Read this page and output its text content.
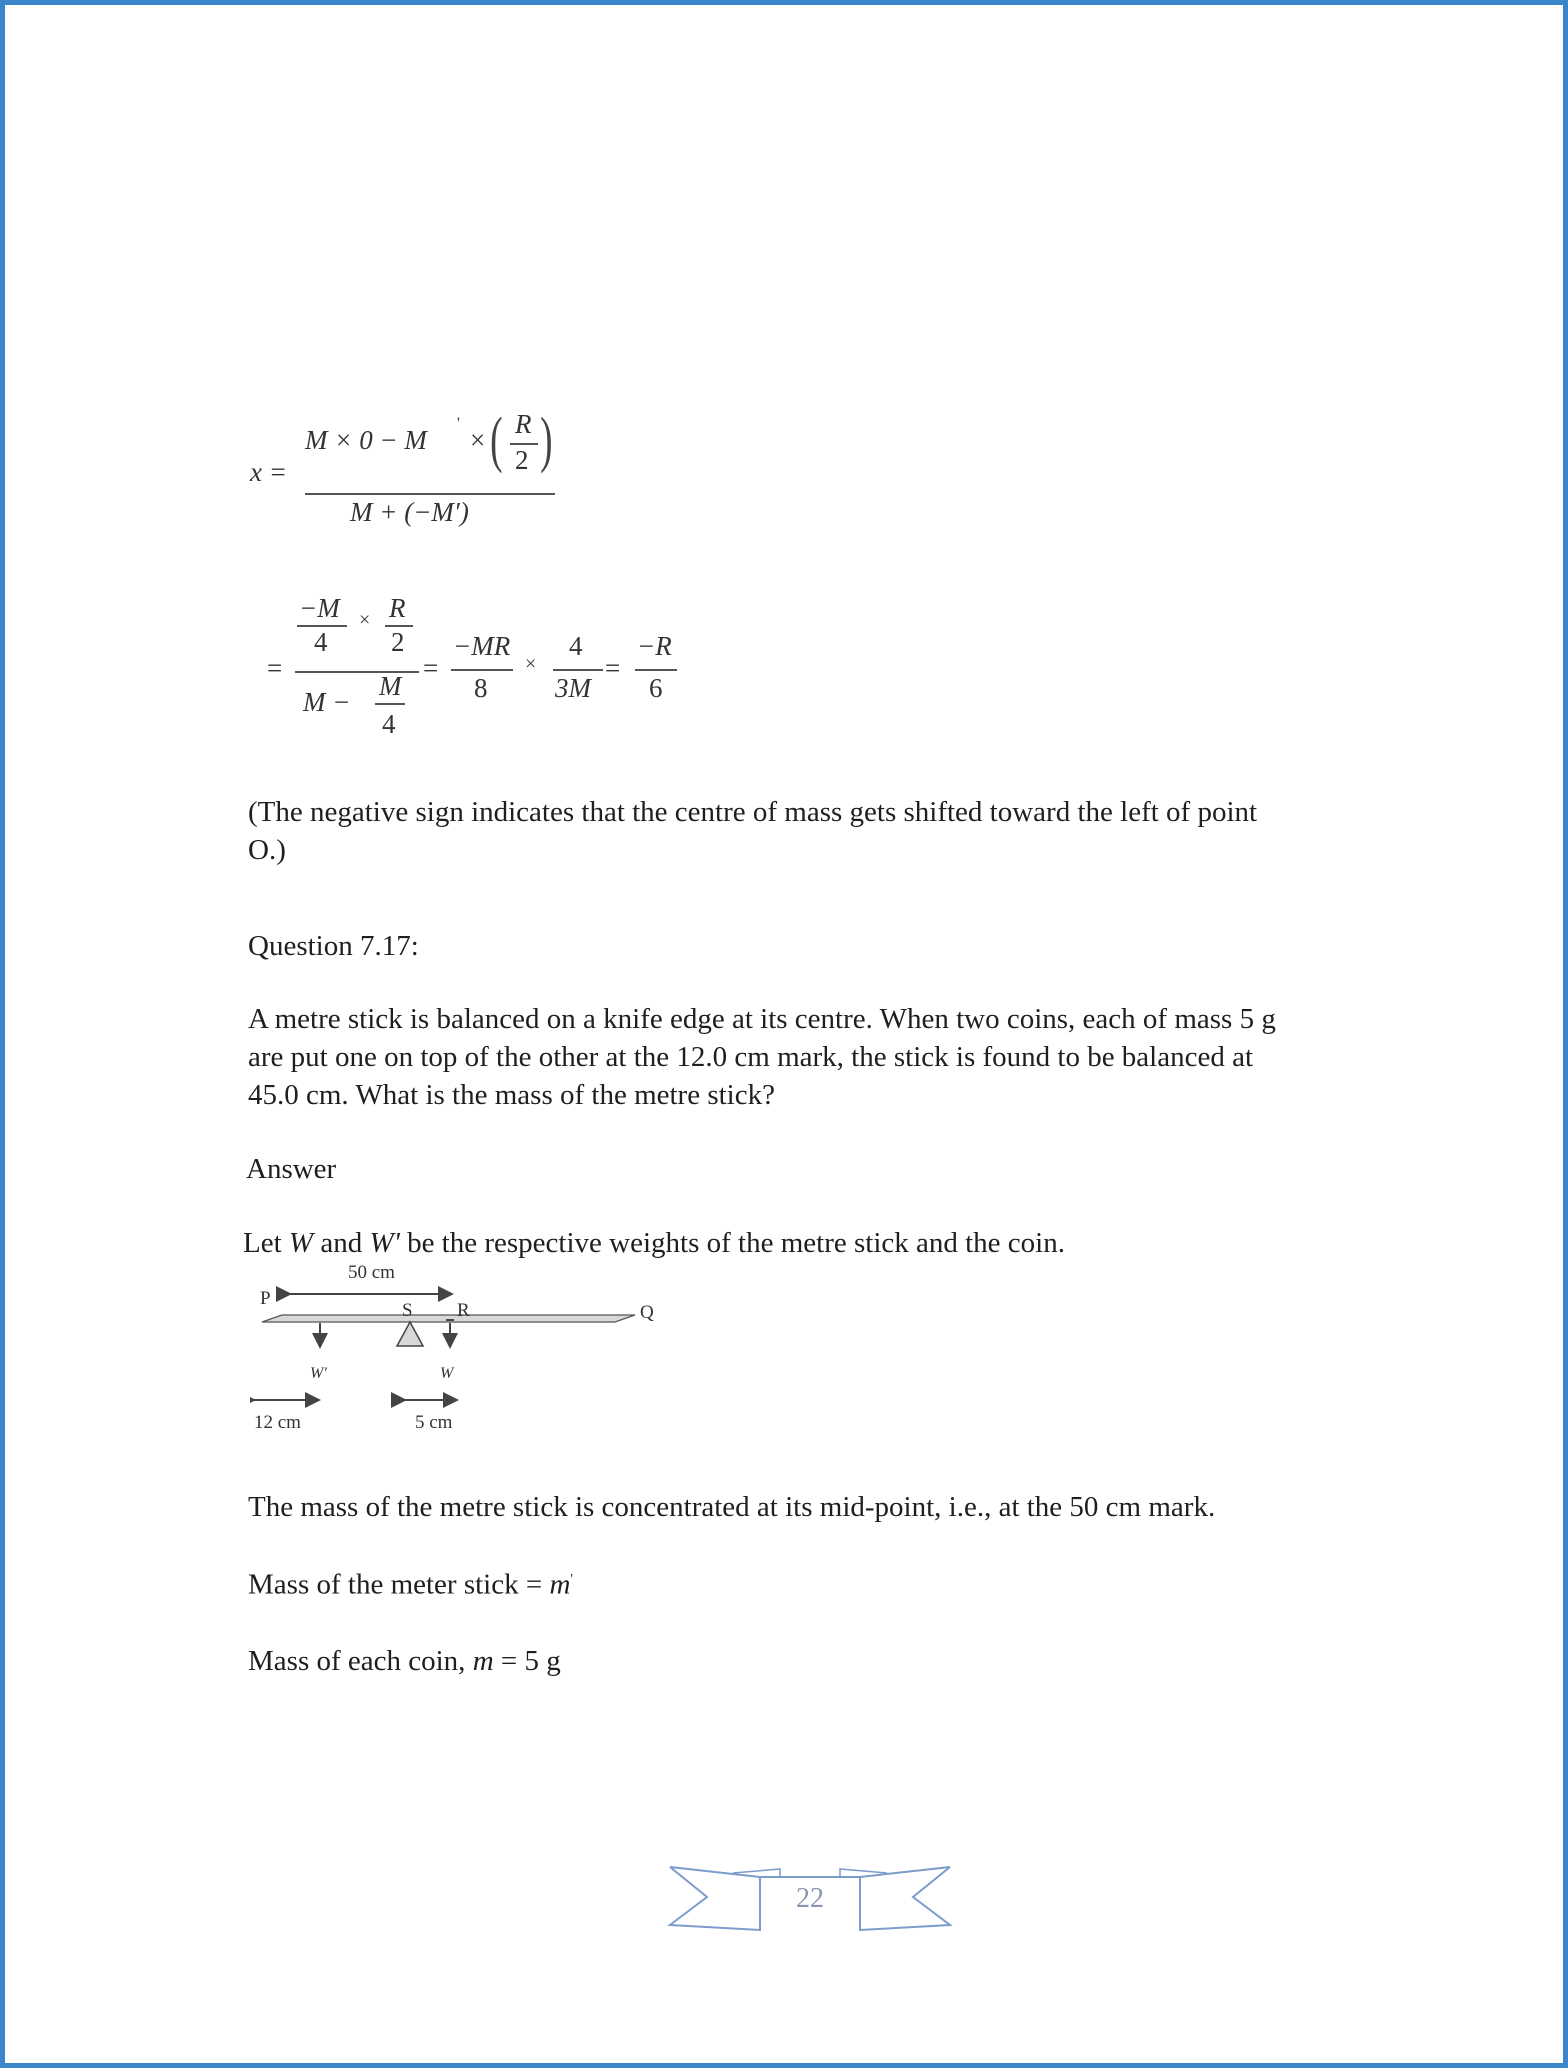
x =
M × 0 − M
'
× ( R
2 )
M + (−M′)
=
−M
4
× R
2
M −
M
4
=
−MR
8
×
4
3M
=
−R
6
(The negative sign indicates that the centre of mass gets shifted toward the left of point
O.)
Question 7.17:
A metre stick is balanced on a knife edge at its centre. When two coins, each of mass 5 g
are put one on top of the other at the 12.0 cm mark, the stick is found to be balanced at
45.0 cm. What is the mass of the metre stick?
Answer
Let W and W' be the respective weights of the metre stick and the coin.
50 cm
P
S R	Q
W'	W
12 cm	5 cm
The mass of the metre stick is concentrated at its mid-point, i.e., at the 50 cm mark.
Mass of the meter stick = m'
Mass of each coin, m = 5 g
22
